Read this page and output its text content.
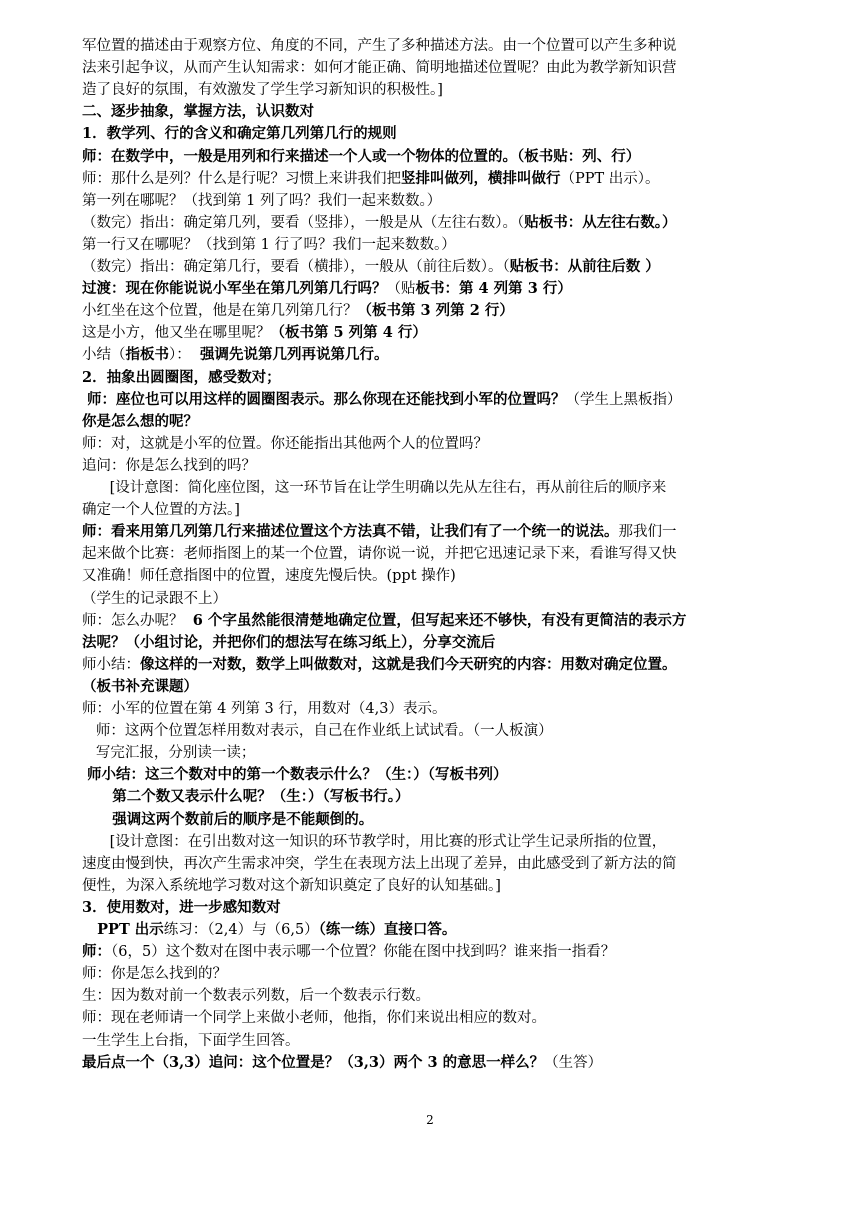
军位置的描述由于观察方位、角度的不同，产生了多种描述方法。由一个位置可以产生多种说
法来引起争议，从而产生认知需求：如何才能正确、简明地描述位置呢？由此为教学新知识营
造了良好的氛围，有效激发了学生学习新知识的积极性。]
二、逐步抽象，掌握方法，认识数对
1．教学列、行的含义和确定第几列第几行的规则
师：在数学中，一般是用列和行来描述一个人或一个物体的位置的。（板书贴：列、行）
师：那什么是列？什么是行呢？习惯上来讲我们把竖排叫做列，横排叫做行（PPT 出示）。
第一列在哪呢？（找到第 1 列了吗？我们一起来数数。）
（数完）指出：确定第几列，要看（竖排），一般是从（左往右数）。（贴板书：从左往右数。）
第一行又在哪呢？（找到第 1 行了吗？我们一起来数数。）
（数完）指出：确定第几行，要看（横排），一般从（前往后数）。（贴板书：从前往后数 ）
过渡：现在你能说说小军坐在第几列第几行吗？（贴板书：第 4 列第 3 行）
小红坐在这个位置，他是在第几列第几行？（板书第 3 列第 2 行）
这是小方，他又坐在哪里呢？（板书第 5 列第 4 行）
小结（指板书）：  强调先说第几列再说第几行。
2．抽象出圆圈图，感受数对；
师：座位也可以用这样的圆圈图表示。那么你现在还能找到小军的位置吗？（学生上黑板指）
你是怎么想的呢？
师：对，这就是小军的位置。你还能指出其他两个人的位置吗？
追问：你是怎么找到的吗？
[设计意图：简化座位图，这一环节旨在让学生明确以先从左往右，再从前往后的顺序来
确定一个人位置的方法。]
师：看来用第几列第几行来描述位置这个方法真不错，让我们有了一个统一的说法。那我们一
起来做个比赛：老师指图上的某一个位置，请你说一说，并把它迅速记录下来，看谁写得又快
又准确！师任意指图中的位置，速度先慢后快。(ppt 操作)
（学生的记录跟不上）
师：怎么办呢？  6 个字虽然能很清楚地确定位置，但写起来还不够快，有没有更简洁的表示方
法呢？（小组讨论，并把你们的想法写在练习纸上），分享交流后
师小结：像这样的一对数，数学上叫做数对，这就是我们今天研究的内容：用数对确定位置。
（板书补充课题）
师：小军的位置在第 4 列第 3 行，用数对（4,3）表示。
师：这两个位置怎样用数对表示，自己在作业纸上试试看。（一人板演）
写完汇报，分别读一读；
师小结：这三个数对中的第一个数表示什么？（生：）（写板书列）
第二个数又表示什么呢？（生：）（写板书行。）
强调这两个数前后的顺序是不能颠倒的。
[设计意图：在引出数对这一知识的环节教学时，用比赛的形式让学生记录所指的位置，
速度由慢到快，再次产生需求冲突，学生在表现方法上出现了差异，由此感受到了新方法的简
便性，为深入系统地学习数对这个新知识奠定了良好的认知基础。]
3．使用数对，进一步感知数对
PPT 出示练习：（2,4）与（6,5）（练一练）直接口答。
师：（6，5）这个数对在图中表示哪一个位置？你能在图中找到吗？谁来指一指看？
师：你是怎么找到的？
生：因为数对前一个数表示列数，后一个数表示行数。
师：现在老师请一个同学上来做小老师，他指，你们来说出相应的数对。
一生学生上台指，下面学生回答。
最后点一个（3,3）追问：这个位置是？（3,3）两个 3 的意思一样么？（生答）
2
